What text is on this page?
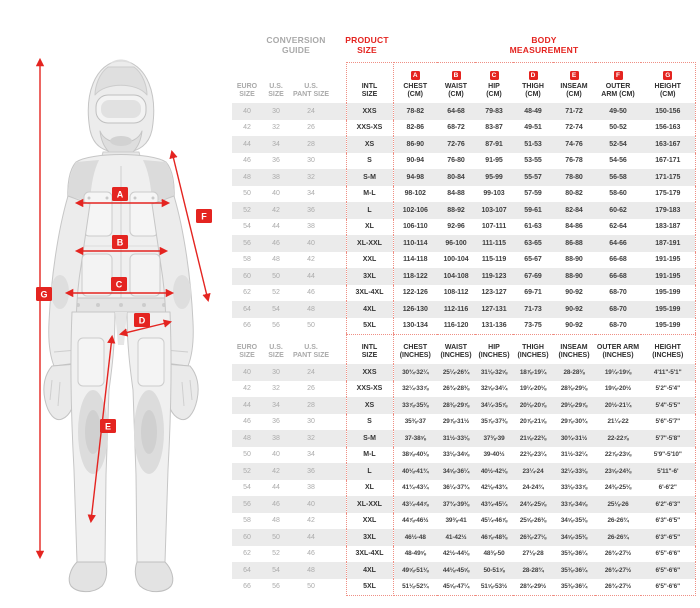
A
B
C
D
E
F
G
CONVERSION
GUIDE
PRODUCT
SIZE
BODY
MEASUREMENT
EURO
SIZE

U.S.
SIZE

U.S.
PANT SIZE

INTL
SIZE
	A
CHEST
(CM)
	B
WAIST
(CM)
	C
HIP
(CM)
	D
THIGH
(CM)
	E
INSEAM
(CM)
	F
OUTER
ARM (CM)
	G
HEIGHT
(CM)

40	30	24		XXS	78-82	64-68	79-83	48-49	71-72	49-50	150-156
42	32	26		XXS-XS	82-86	68-72	83-87	49-51	72-74	50-52	156-163
44	34	28		XS	86-90	72-76	87-91	51-53	74-76	52-54	163-167
46	36	30		S	90-94	76-80	91-95	53-55	76-78	54-56	167-171
48	38	32		S-M	94-98	80-84	95-99	55-57	78-80	56-58	171-175
50	40	34		M-L	98-102	84-88	99-103	57-59	80-82	58-60	175-179
52	42	36		L	102-106	88-92	103-107	59-61	82-84	60-62	179-183
54	44	38		XL	106-110	92-96	107-111	61-63	84-86	62-64	183-187
56	46	40		XL-XXL	110-114	96-100	111-115	63-65	86-88	64-66	187-191
58	48	42		XXL	114-118	100-104	115-119	65-67	88-90	66-68	191-195
60	50	44		3XL	118-122	104-108	119-123	67-69	88-90	66-68	191-195
62	52	46		3XL-4XL	122-126	108-112	123-127	69-71	90-92	68-70	195-199
64	54	48		4XL	126-130	112-116	127-131	71-73	90-92	68-70	195-199
66	56	50		5XL	130-134	116-120	131-136	73-75	90-92	68-70	195-199
EURO
SIZE

U.S.
SIZE

U.S.
PANT SIZE

INTL
SIZE

CHEST
(INCHES)

WAIST
(INCHES)

HIP
(INCHES)

THIGH
(INCHES)

INSEAM
(INCHES)

OUTER ARM
(INCHES)

HEIGHT
(INCHES)

40	30	24		XXS	30¾-32¼	25¼-26¾	31⅛-32⅝	18⅞-19¼	28-28⅜	19¼-19⅝	4'11"-5'1"
42	32	26		XXS-XS	32¼-33⅞	26¾-28⅜	32⅝-34¼	19¼-20⅛	28⅜-29⅛	19⅝-20½	5'2"-5'4"
44	34	28		XS	33⅞-35⅜	28⅜-29⅞	34¼-35⅞	20⅛-20⅞	29⅛-29⅞	20½-21¼	5'4"-5'5"
46	36	30		S	35⅜-37	29⅞-31½	35⅞-37⅜	20⅞-21⅝	29⅞-30¾	21¼-22	5'6"-5'7"
48	38	32		S-M	37-38⅝	31½-33⅛	37⅜-39	21⅝-22⅜	30¾-31½	22-22⅞	5'7"-5'8"
50	40	34		M-L	38⅝-40⅛	33⅛-34⅝	39-40½	22⅜-23¼	31½-32¼	22⅞-23⅝	5'9"-5'10"
52	42	36		L	40⅛-41¾	34⅝-36¼	40½-42⅛	23¼-24	32¼-33⅛	23⅝-24⅜	5'11"-6'
54	44	38		XL	41¾-43¼	36¼-37¾	42⅛-43¾	24-24¾	33⅛-33⅞	24⅜-25⅛	6'-6'2"
56	46	40		XL-XXL	43¼-44⅞	37¾-39⅜	43¾-45¼	24¾-25⅝	33⅞-34⅝	25⅛-26	6'2"-6'3"
58	48	42		XXL	44⅞-46½	39⅜-41	45¼-46⅞	25⅝-26⅜	34⅝-35⅜	26-26¾	6'3"-6'5"
60	50	44		3XL	46½-48	41-42½	46⅞-48⅜	26⅜-27⅛	34⅝-35⅜	26-26¾	6'3"-6'5"
62	52	46		3XL-4XL	48-49⅝	42½-44⅛	48⅜-50	27⅛-28	35⅜-36¼	26¾-27½	6'5"-6'6"
64	54	48		4XL	49⅝-51⅛	44⅛-45⅝	50-51⅝	28-28¾	35⅜-36¼	26¾-27½	6'5"-6'6"
66	56	50		5XL	51⅛-52¾	45⅝-47¼	51⅝-53½	28¾-29½	35⅜-36¼	26¾-27½	6'5"-6'6"
